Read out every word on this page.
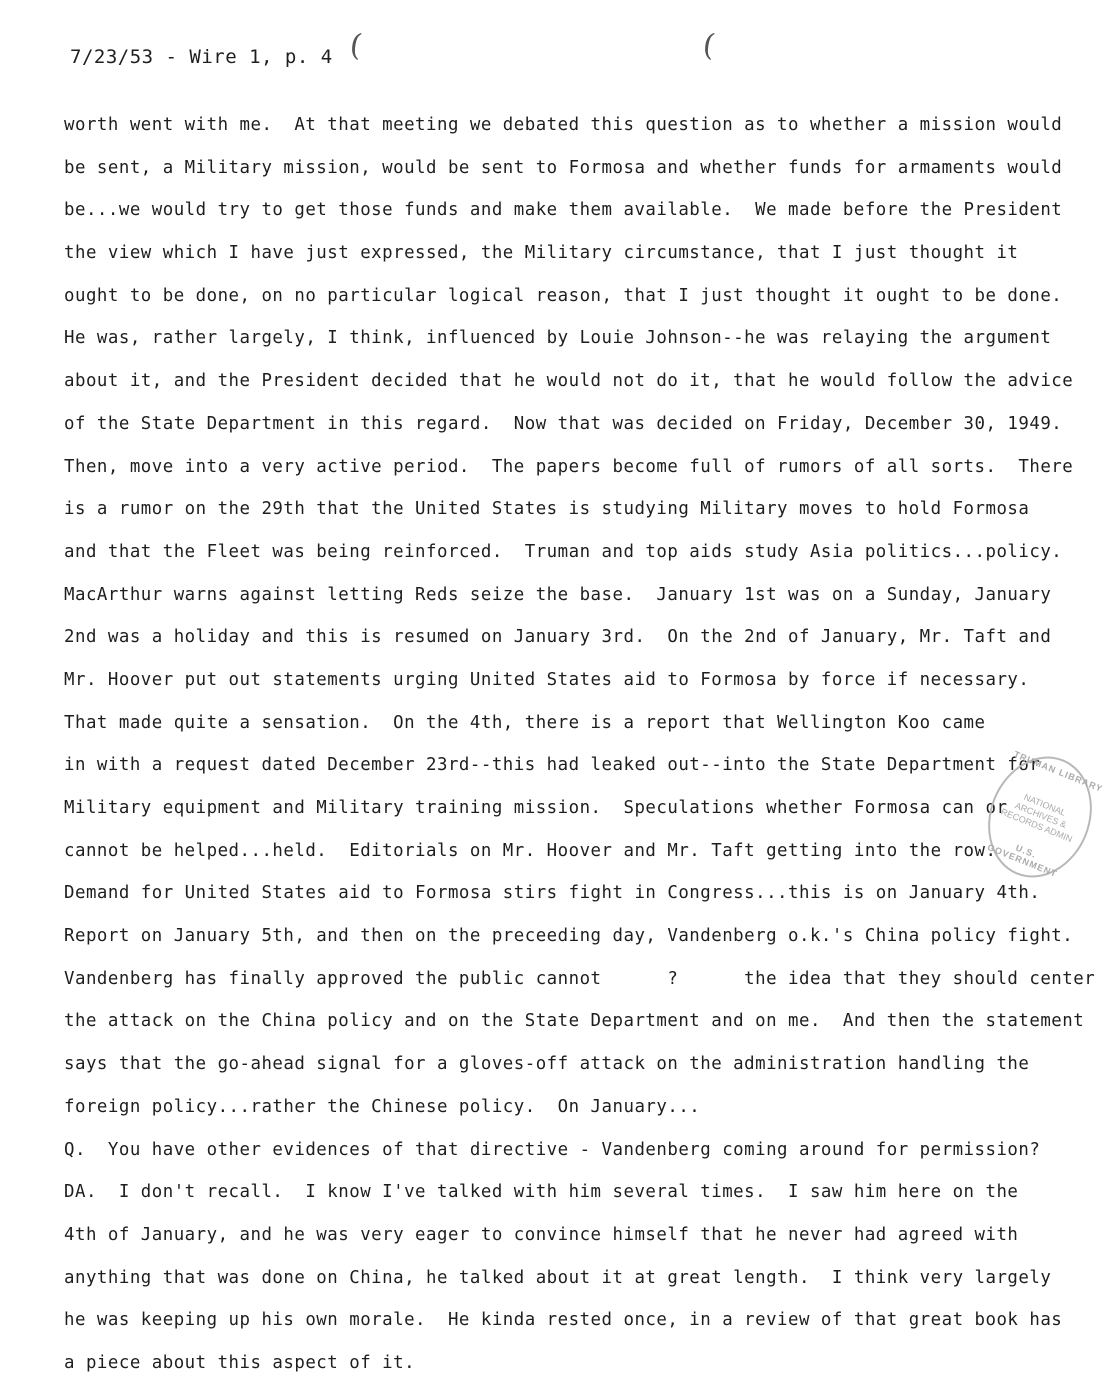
7/23/53 - Wire 1, p. 4 (	(
worth went with me.  At that meeting we debated this question as to whether a mission would
be sent, a Military mission, would be sent to Formosa and whether funds for armaments would
be...we would try to get those funds and make them available.  We made before the President
the view which I have just expressed, the Military circumstance, that I just thought it
ought to be done, on no particular logical reason, that I just thought it ought to be done.
He was, rather largely, I think, influenced by Louie Johnson--he was relaying the argument
about it, and the President decided that he would not do it, that he would follow the advice
of the State Department in this regard.  Now that was decided on Friday, December 30, 1949.
Then, move into a very active period.  The papers become full of rumors of all sorts.  There
is a rumor on the 29th that the United States is studying Military moves to hold Formosa
and that the Fleet was being reinforced.  Truman and top aids study Asia politics...policy.
MacArthur warns against letting Reds seize the base.  January 1st was on a Sunday, January
2nd was a holiday and this is resumed on January 3rd.  On the 2nd of January, Mr. Taft and
Mr. Hoover put out statements urging United States aid to Formosa by force if necessary.
That made quite a sensation.  On the 4th, there is a report that Wellington Koo came
in with a request dated December 23rd--this had leaked out--into the State Department for
Military equipment and Military training mission.  Speculations whether Formosa can or
cannot be helped...held.  Editorials on Mr. Hoover and Mr. Taft getting into the row.
Demand for United States aid to Formosa stirs fight in Congress...this is on January 4th.
Report on January 5th, and then on the preceeding day, Vandenberg o.k.'s China policy fight.
Vandenberg has finally approved the public cannot      ?      the idea that they should center
the attack on the China policy and on the State Department and on me.  And then the statement
says that the go-ahead signal for a gloves-off attack on the administration handling the
foreign policy...rather the Chinese policy.  On January...
Q.  You have other evidences of that directive - Vandenberg coming around for permission?
DA.  I don't recall.  I know I've talked with him several times.  I saw him here on the
4th of January, and he was very eager to convince himself that he never had agreed with
anything that was done on China, he talked about it at great length.  I think very largely
he was keeping up his own morale.  He kinda rested once, in a review of that great book has
a piece about this aspect of it.
TRUMAN LIBRARY
NATIONAL ARCHIVES & RECORDS ADMIN
U.S. GOVERNMENT
